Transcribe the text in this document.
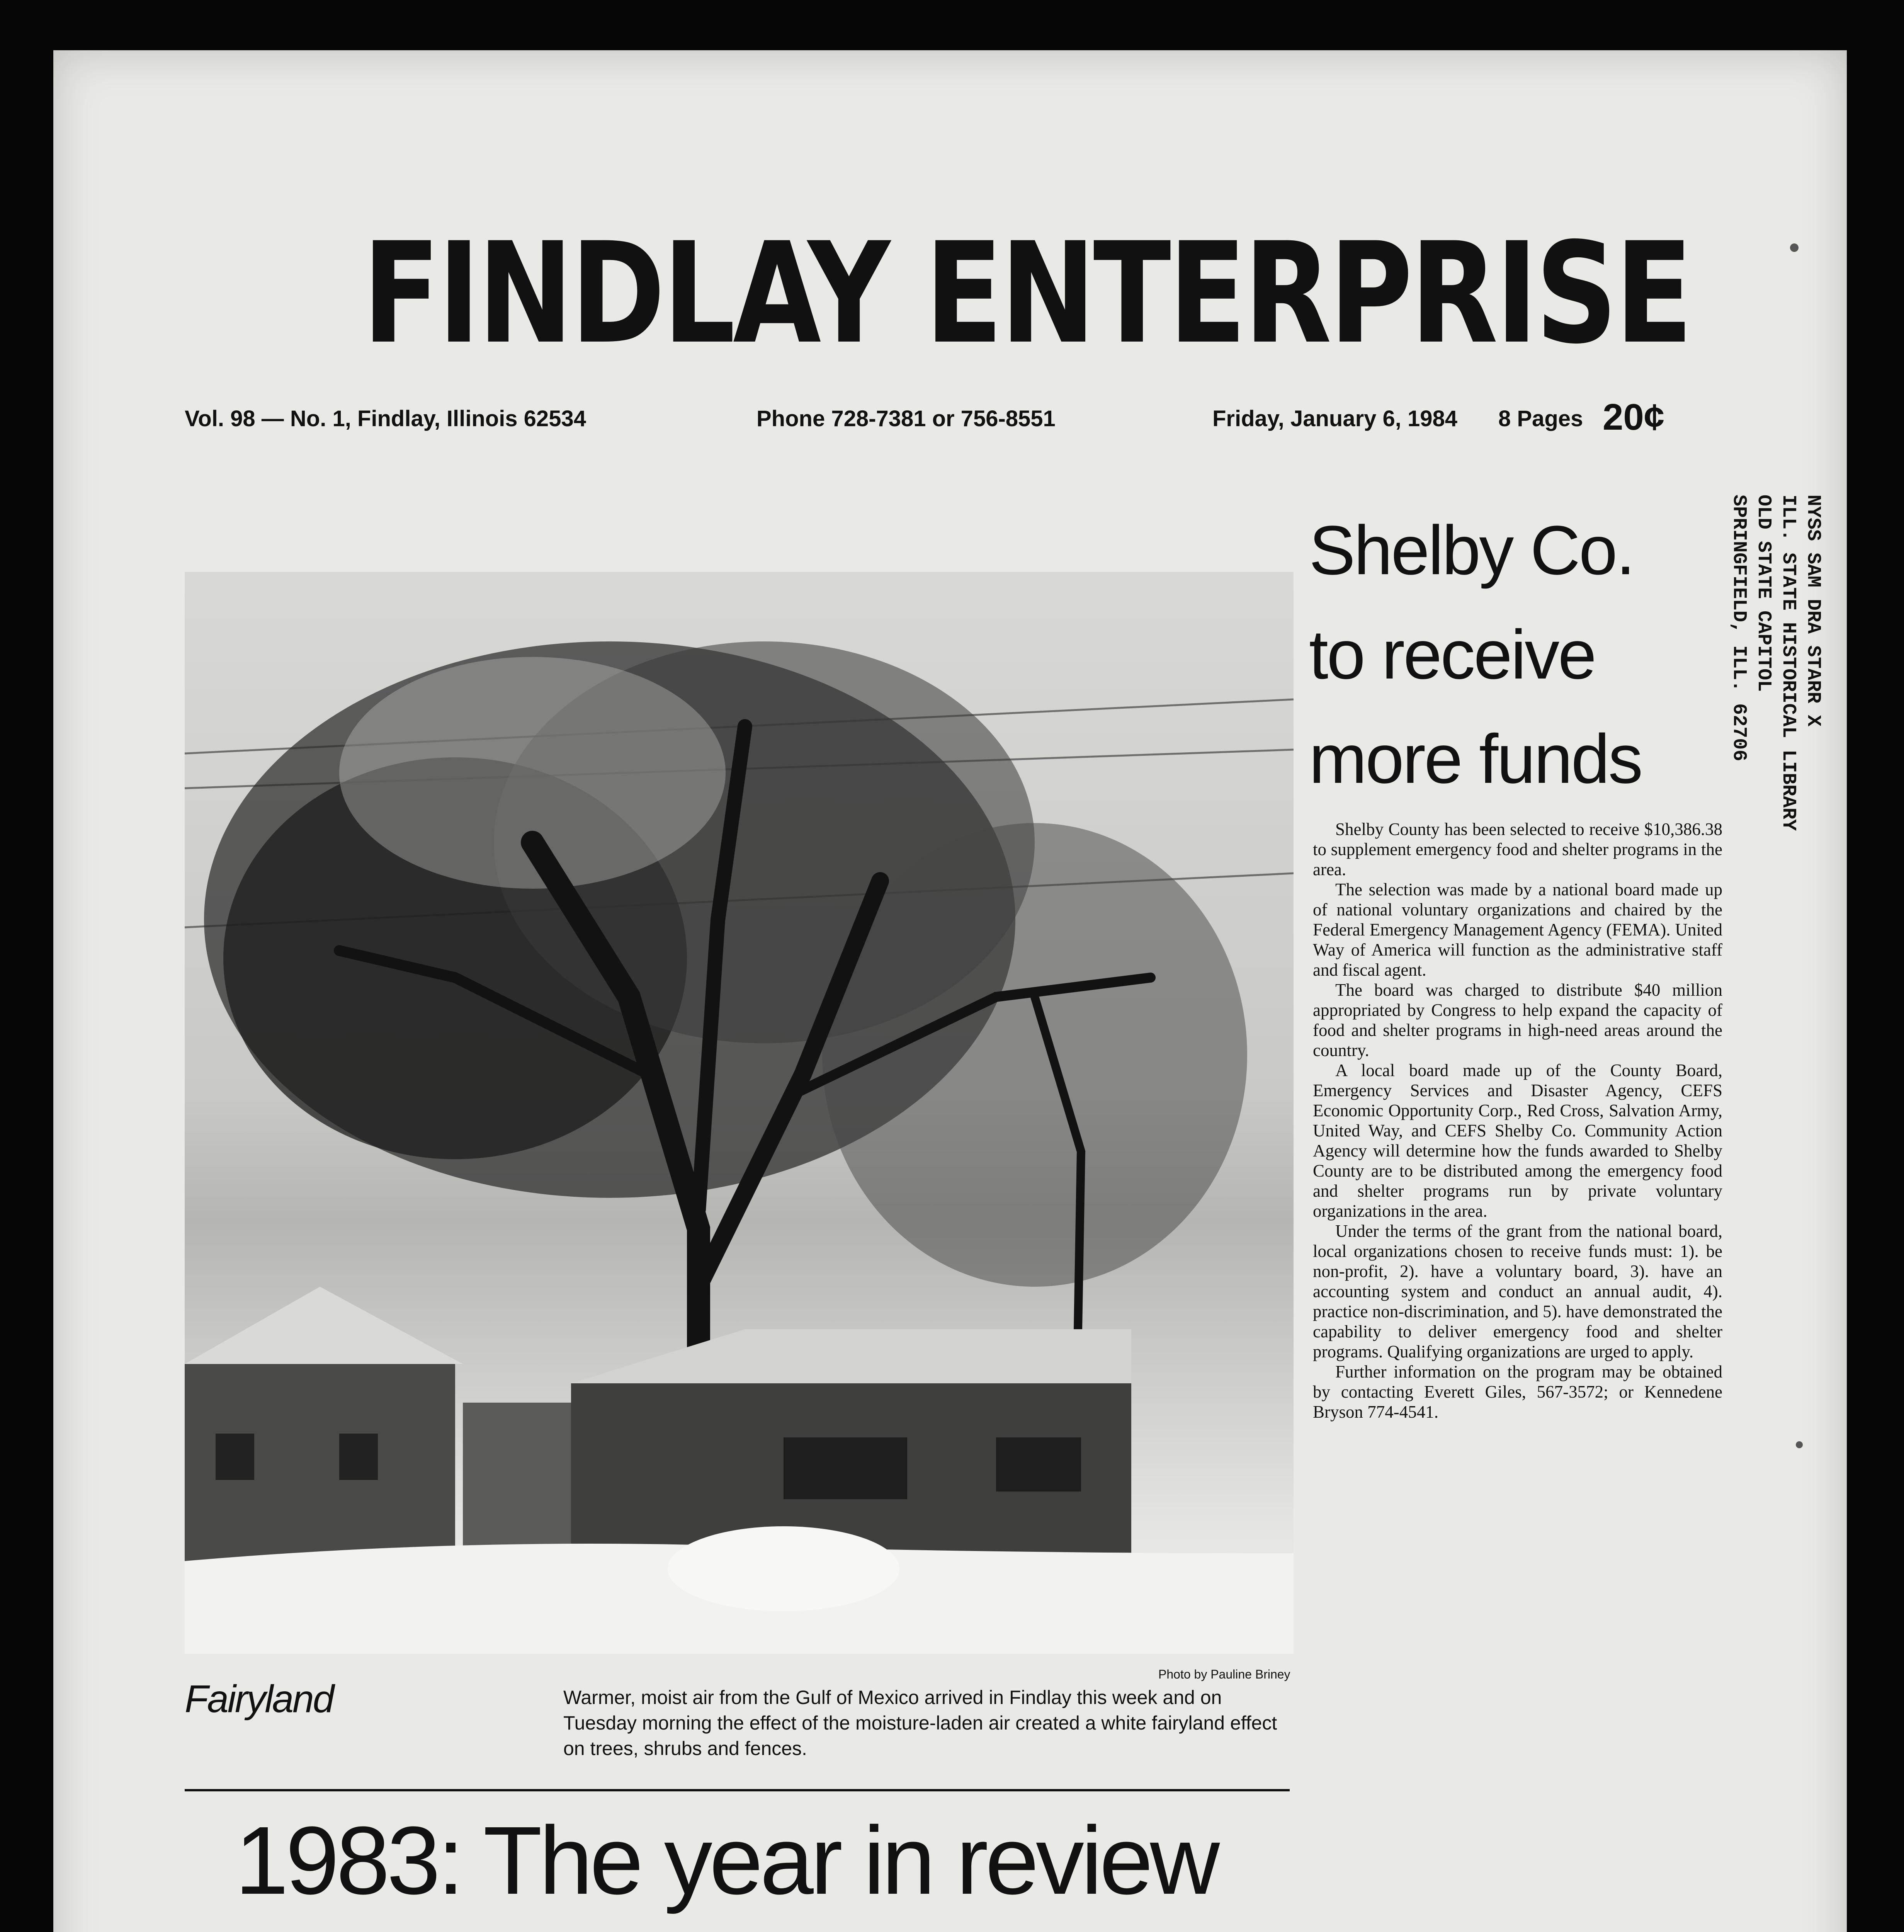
FINDLAY ENTERPRISE
Vol. 98 — No. 1, Findlay, Illinois 62534	Phone 728-7381 or 756-8551	Friday, January 6, 1984 8 Pages 20¢
NYSS SAM DRA STARR X
ILL. STATE HISTORICAL LIBRARY
OLD STATE CAPITOL
SPRINGFIELD, ILL. 62706
Photo by Pauline Briney
Fairyland	Warmer, moist air from the Gulf of Mexico arrived in Findlay this week and on Tuesday morning the effect of the moisture-laden air created a white fairyland effect on trees, shrubs and fences.
Shelby Co. to receive more funds

Shelby County has been selected to receive $10,386.38 to supplement emergency food and shelter programs in the area.

The selection was made by a national board made up of national voluntary organizations and chaired by the Federal Emergency Management Agency (FEMA). United Way of America will function as the administrative staff and fiscal agent.

The board was charged to distribute $40 million appropriated by Congress to help expand the capacity of food and shelter programs in high-need areas around the country.

A local board made up of the County Board, Emergency Services and Disaster Agency, CEFS Economic Opportunity Corp., Red Cross, Salvation Army, United Way, and CEFS Shelby Co. Community Action Agency will determine how the funds awarded to Shelby County are to be distributed among the emergency food and shelter programs run by private voluntary organizations in the area.

Under the terms of the grant from the national board, local organizations chosen to receive funds must: 1). be non-profit, 2). have a voluntary board, 3). have an accounting system and conduct an annual audit, 4). practice non-discrimination, and 5). have demonstrated the capability to deliver emergency food and shelter programs. Qualifying organizations are urged to apply.

Further information on the program may be obtained by contacting Everett Giles, 567-3572; or Kennedene Bryson 774-4541.

1983: The year in review
